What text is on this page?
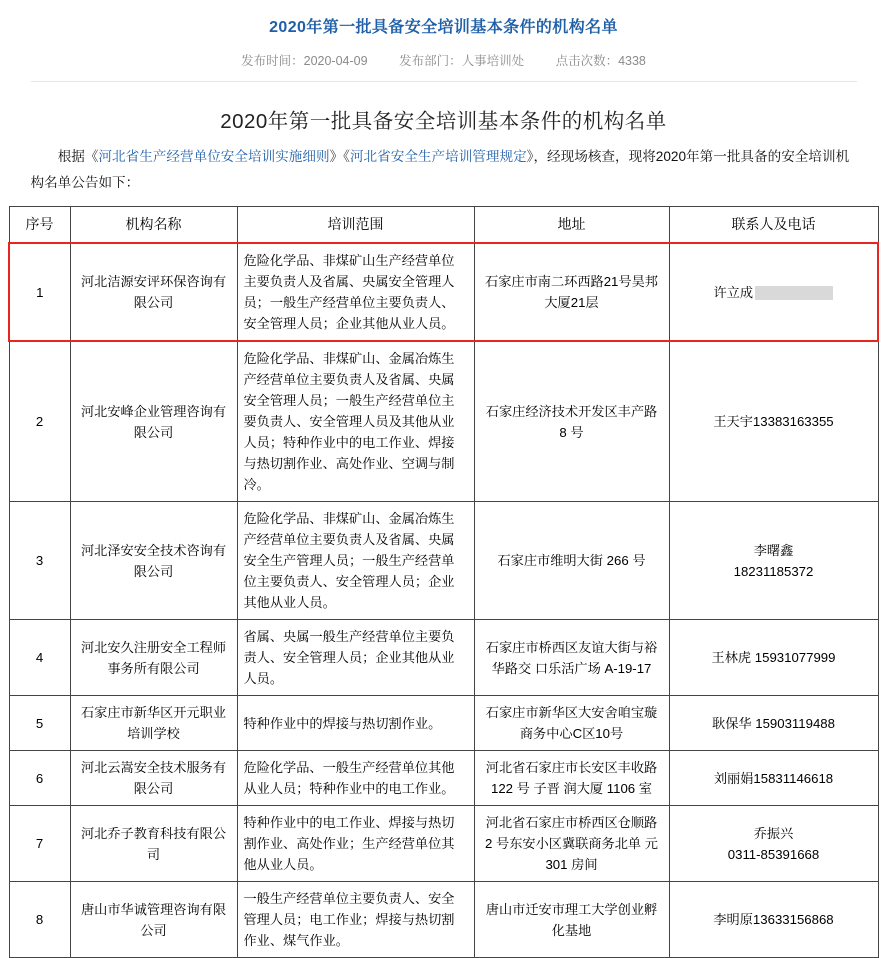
2020年第一批具备安全培训基本条件的机构名单
发布时间：2020-04-09	发布部门：人事培训处	点击次数：4338
2020年第一批具备安全培训基本条件的机构名单
根据《河北省生产经营单位安全培训实施细则》《河北省安全生产培训管理规定》，经现场核查，现将2020年第一批具备的安全培训机构名单公告如下：
序号	机构名称	培训范围	地址	联系人及电话
1	河北洁源安评环保咨询有限公司	危险化学品、非煤矿山生产经营单位主要负责人及省属、央属安全管理人员；一般生产经营单位主要负责人、安全管理人员；企业其他从业人员。	石家庄市南二环西路21号昊邦大厦21层	许立成
2	河北安峰企业管理咨询有限公司	危险化学品、非煤矿山、金属冶炼生产经营单位主要负责人及省属、央属安全管理人员；一般生产经营单位主要负责人、安全管理人员及其他从业人员；特种作业中的电工作业、焊接与热切割作业、高处作业、空调与制冷。	石家庄经济技术开发区丰产路 8 号	王天宇13383163355
3	河北泽安安全技术咨询有限公司	危险化学品、非煤矿山、金属冶炼生产经营单位主要负责人及省属、央属安全生产管理人员；一般生产经营单位主要负责人、安全管理人员；企业其他从业人员。	石家庄市维明大街 266 号	李曙鑫
18231185372

4	河北安久注册安全工程师事务所有限公司	省属、央属一般生产经营单位主要负责人、安全管理人员；企业其他从业人员。	石家庄市桥西区友谊大街与裕华路交 口乐活广场 A-19-17	王林虎 15931077999
5	石家庄市新华区开元职业培训学校	特种作业中的焊接与热切割作业。	石家庄市新华区大安舍咱宝璇商务中心C区10号	耿保华 15903119488
6	河北云嵩安全技术服务有限公司	危险化学品、一般生产经营单位其他从业人员；特种作业中的电工作业。	河北省石家庄市长安区丰收路 122 号 子晋 润大厦 1106 室	刘丽娟15831146618
7	河北乔子教育科技有限公司	特种作业中的电工作业、焊接与热切割作业、高处作业；生产经营单位其他从业人员。	河北省石家庄市桥西区仓顺路 2 号东安小区冀联商务北单 元 301 房间	乔振兴
0311-85391668

8	唐山市华诚管理咨询有限公司	一般生产经营单位主要负责人、安全管理人员；电工作业；焊接与热切割作业、煤气作业。	唐山市迁安市理工大学创业孵化基地	李明原13633156868
